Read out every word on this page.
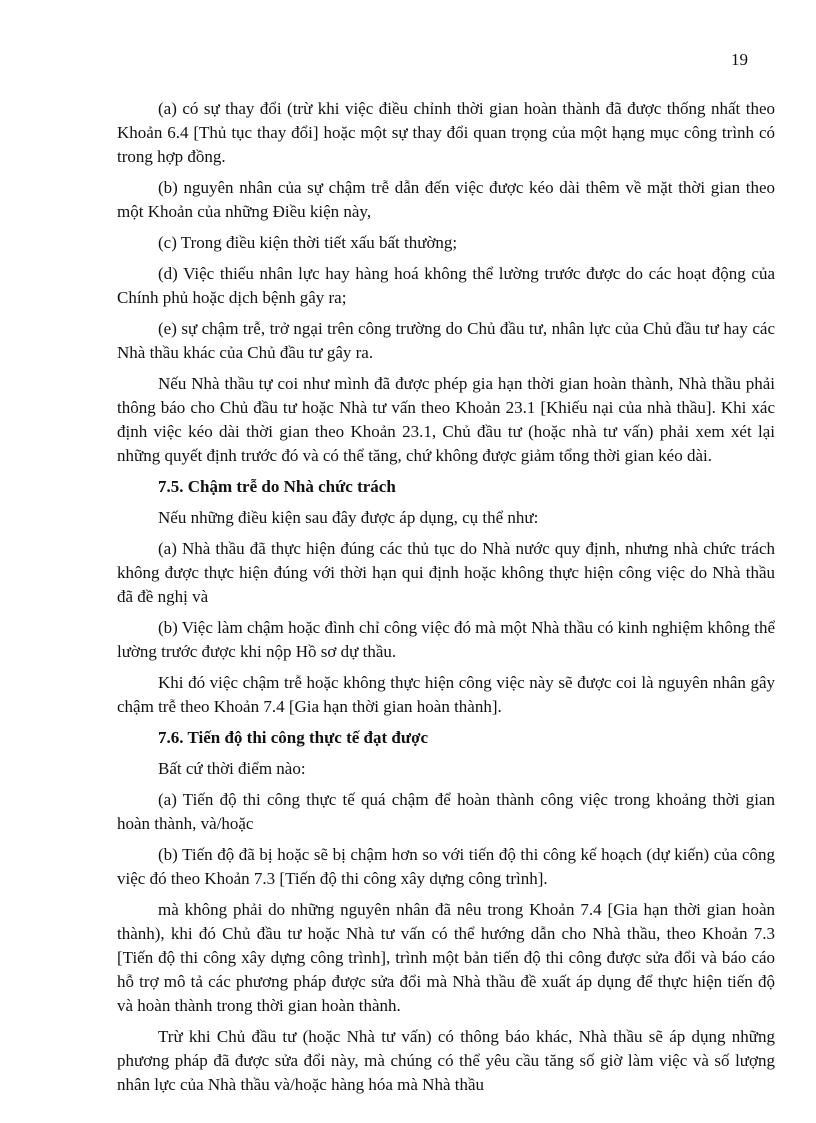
19

(a) có sự thay đổi (trừ khi việc điều chỉnh thời gian hoàn thành đã được thống nhất theo Khoản 6.4 [Thủ tục thay đổi] hoặc một sự thay đổi quan trọng của một hạng mục công trình có trong hợp đồng.

(b) nguyên nhân của sự chậm trễ dẫn đến việc được kéo dài thêm về mặt thời gian theo một Khoản của những Điều kiện này,

(c) Trong điều kiện thời tiết xấu bất thường;

(d) Việc thiếu nhân lực hay hàng hoá không thể lường trước được do các hoạt động của Chính phủ hoặc dịch bệnh gây ra;

(e) sự chậm trễ, trở ngại trên công trường do Chủ đầu tư, nhân lực của Chủ đầu tư hay các Nhà thầu khác của Chủ đầu tư gây ra.

Nếu Nhà thầu tự coi như mình đã được phép gia hạn thời gian hoàn thành, Nhà thầu phải thông báo cho Chủ đầu tư hoặc Nhà tư vấn theo Khoản 23.1 [Khiếu nại của nhà thầu]. Khi xác định việc kéo dài thời gian theo Khoản 23.1, Chủ đầu tư (hoặc nhà tư vấn) phải xem xét lại những quyết định trước đó và có thể tăng, chứ không được giảm tổng thời gian kéo dài.

7.5. Chậm trễ do Nhà chức trách

Nếu những điều kiện sau đây được áp dụng, cụ thể như:

(a) Nhà thầu đã thực hiện đúng các thủ tục do Nhà nước quy định, nhưng nhà chức trách không được thực hiện đúng với thời hạn qui định hoặc không thực hiện công việc do Nhà thầu đã đề nghị và

(b) Việc làm chậm hoặc đình chỉ công việc đó mà một Nhà thầu có kinh nghiệm không thể lường trước được khi nộp Hồ sơ dự thầu.

Khi đó việc chậm trễ hoặc không thực hiện công việc này sẽ được coi là nguyên nhân gây chậm trễ theo Khoản 7.4 [Gia hạn thời gian hoàn thành].

7.6. Tiến độ thi công thực tế đạt được

Bất cứ thời điểm nào:

(a) Tiến độ thi công thực tế quá chậm để hoàn thành công việc trong khoảng thời gian hoàn thành, và/hoặc

(b) Tiến độ đã bị hoặc sẽ bị chậm hơn so với tiến độ thi công kế hoạch (dự kiến) của công việc đó theo Khoản 7.3 [Tiến độ thi công xây dựng công trình].

mà không phải do những nguyên nhân đã nêu trong Khoản 7.4 [Gia hạn thời gian hoàn thành), khi đó Chủ đầu tư hoặc Nhà tư vấn có thể hướng dẫn cho Nhà thầu, theo Khoản 7.3 [Tiến độ thi công xây dựng công trình], trình một bản tiến độ thi công được sửa đổi và báo cáo hỗ trợ mô tả các phương pháp được sửa đổi mà Nhà thầu đề xuất áp dụng để thực hiện tiến độ và hoàn thành trong thời gian hoàn thành.

Trừ khi Chủ đầu tư (hoặc Nhà tư vấn) có thông báo khác, Nhà thầu sẽ áp dụng những phương pháp đã được sửa đổi này, mà chúng có thể yêu cầu tăng số giờ làm việc và số lượng nhân lực của Nhà thầu và/hoặc hàng hóa mà Nhà thầu
